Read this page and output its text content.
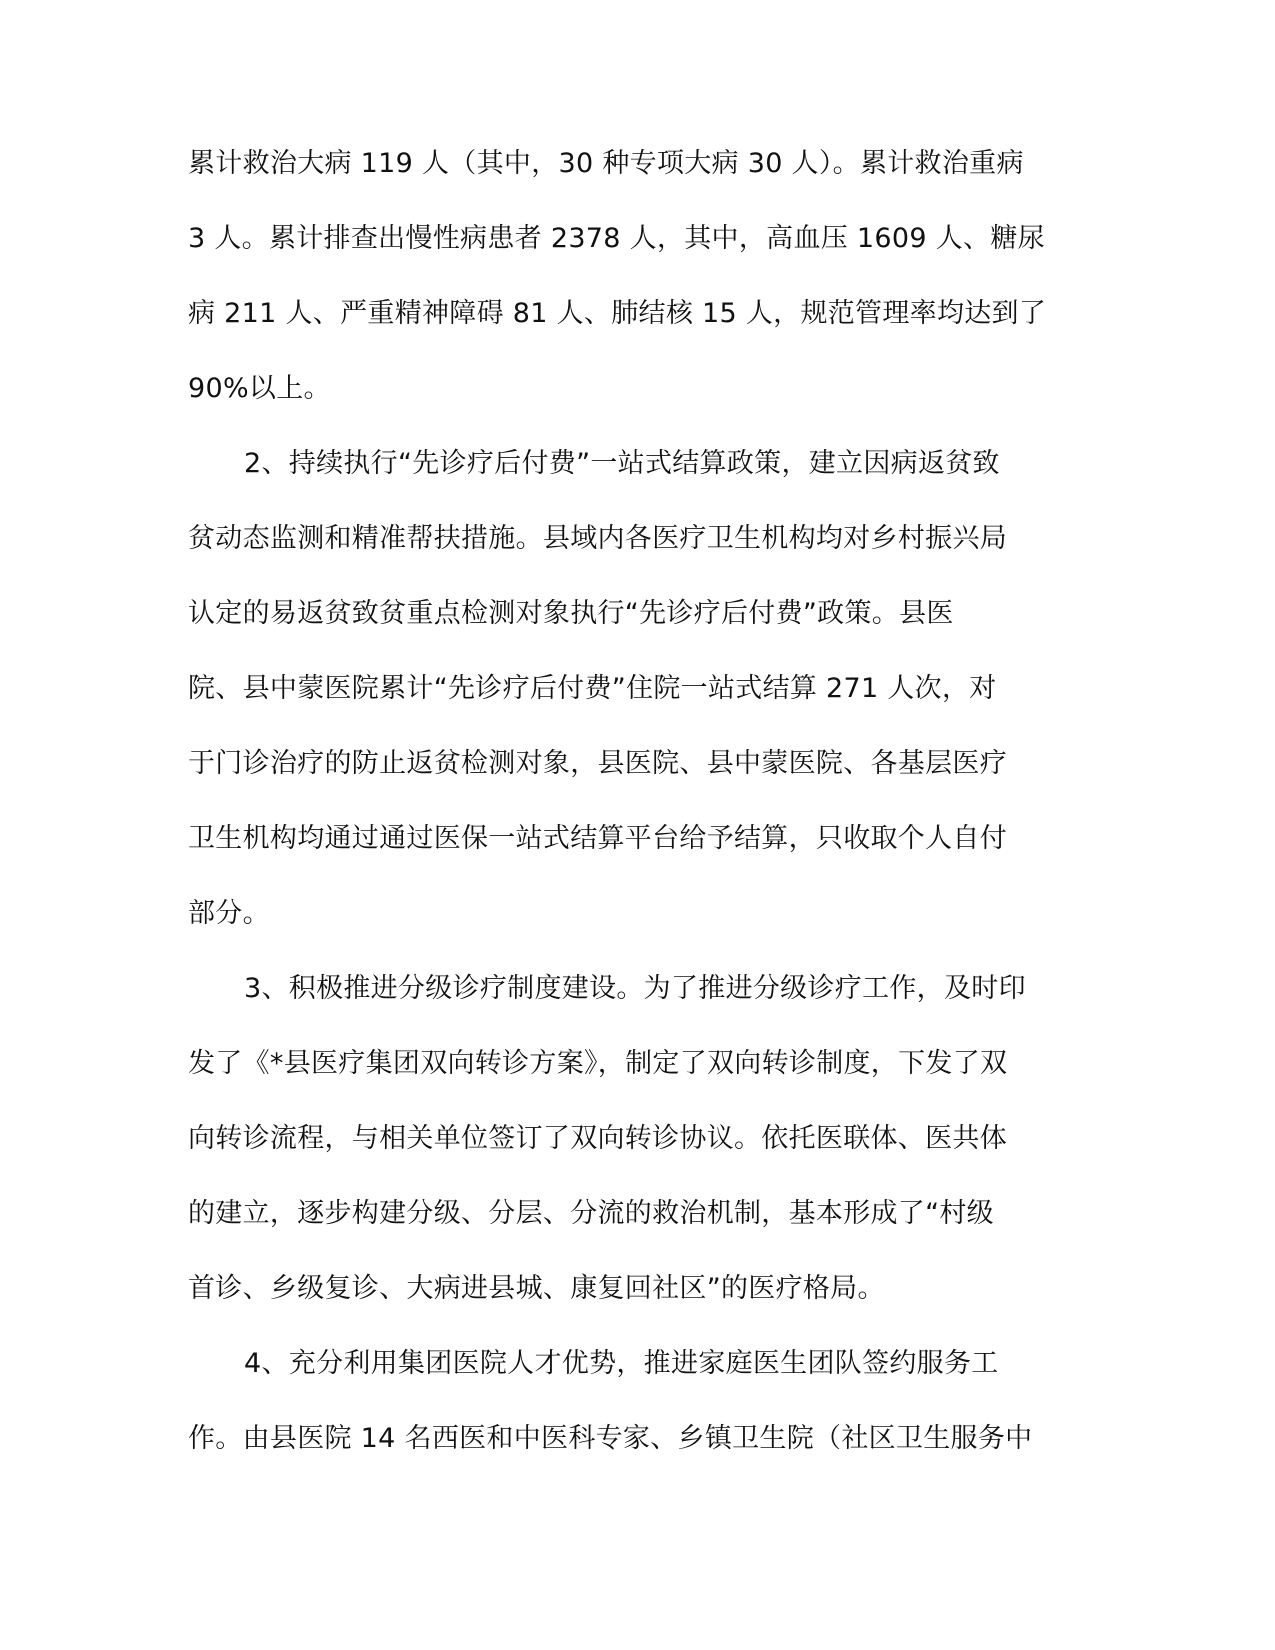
累计救治大病 119 人（其中，30 种专项大病 30 人）。累计救治重病
3 人。累计排查出慢性病患者 2378 人，其中，高血压 1609 人、糖尿
病 211 人、严重精神障碍 81 人、肺结核 15 人，规范管理率均达到了
90%以上。
2、持续执行“先诊疗后付费”一站式结算政策，建立因病返贫致
贫动态监测和精准帮扶措施。县域内各医疗卫生机构均对乡村振兴局
认定的易返贫致贫重点检测对象执行“先诊疗后付费”政策。县医
院、县中蒙医院累计“先诊疗后付费”住院一站式结算 271 人次，对
于门诊治疗的防止返贫检测对象，县医院、县中蒙医院、各基层医疗
卫生机构均通过通过医保一站式结算平台给予结算，只收取个人自付
部分。
3、积极推进分级诊疗制度建设。为了推进分级诊疗工作，及时印
发了《*县医疗集团双向转诊方案》，制定了双向转诊制度，下发了双
向转诊流程，与相关单位签订了双向转诊协议。依托医联体、医共体
的建立，逐步构建分级、分层、分流的救治机制，基本形成了“村级
首诊、乡级复诊、大病进县城、康复回社区”的医疗格局。
4、充分利用集团医院人才优势，推进家庭医生团队签约服务工
作。由县医院 14 名西医和中医科专家、乡镇卫生院（社区卫生服务中
